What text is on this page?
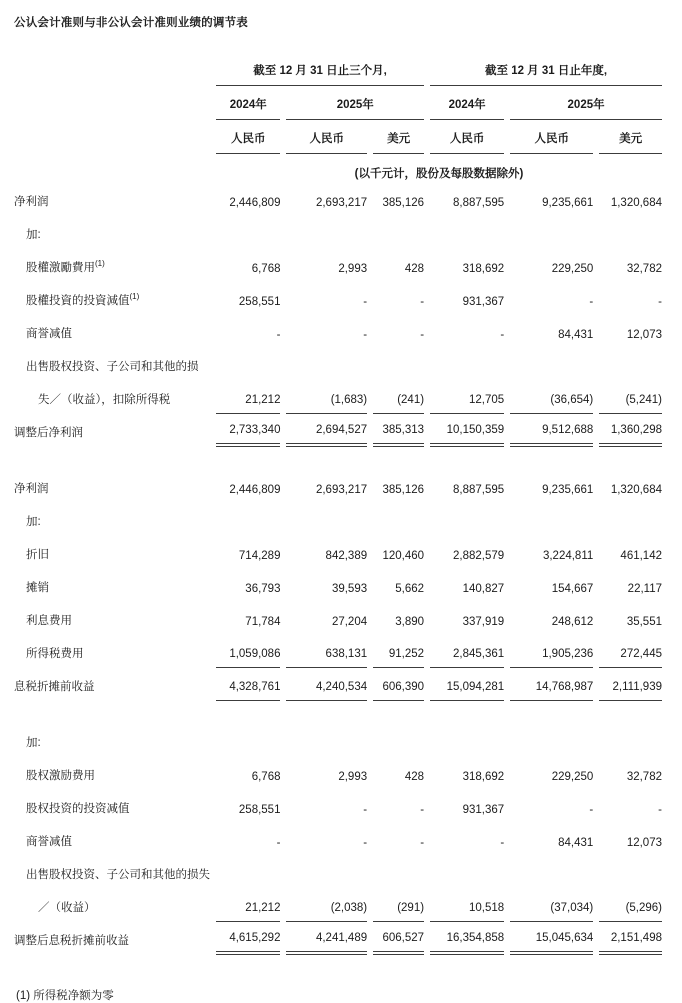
公认会计准则与非公认会计准则业绩的调节表
	截至 12 月 31 日止三个月,			截至 12 月 31 日止年度,		
	2024年	2025年		2024年	2025年	
	人民币	人民币	美元	人民币	人民币	美元
	(以千元计，股份及每股数据除外)					
净利润	2,446,809	2,693,217	385,126	8,887,595	9,235,661	1,320,684
加:						
股權激勵費用$^{(1)}$	6,768	2,993	428	318,692	229,250	32,782
股權投資的投資減值$^{(1)}$	258,551	-	-	931,367	-	-
商誉减值	-	-	-	-	84,431	12,073
出售股权投资、子公司和其他的损						
失／（收益），扣除所得税	21,212	(1,683)	(241)	12,705	(36,654)	(5,241)
调整后净利润	2,733,340	2,694,527	385,313	10,150,359	9,512,688	1,360,298

净利润	2,446,809	2,693,217	385,126	8,887,595	9,235,661	1,320,684
加:						
折旧	714,289	842,389	120,460	2,882,579	3,224,811	461,142
摊销	36,793	39,593	5,662	140,827	154,667	22,117
利息费用	71,784	27,204	3,890	337,919	248,612	35,551
所得税费用	1,059,086	638,131	91,252	2,845,361	1,905,236	272,445
息税折摊前收益	4,328,761	4,240,534	606,390	15,094,281	14,768,987	2,111,939

加:						
股权激励费用	6,768	2,993	428	318,692	229,250	32,782
股权投资的投资减值	258,551	-	-	931,367	-	-
商誉减值	-	-	-	-	84,431	12,073
出售股权投资、子公司和其他的损失						
／（收益）	21,212	(2,038)	(291)	10,518	(37,034)	(5,296)
调整后息税折摊前收益	4,615,292	4,241,489	606,527	16,354,858	15,045,634	2,151,498
(1) 所得税净额为零
